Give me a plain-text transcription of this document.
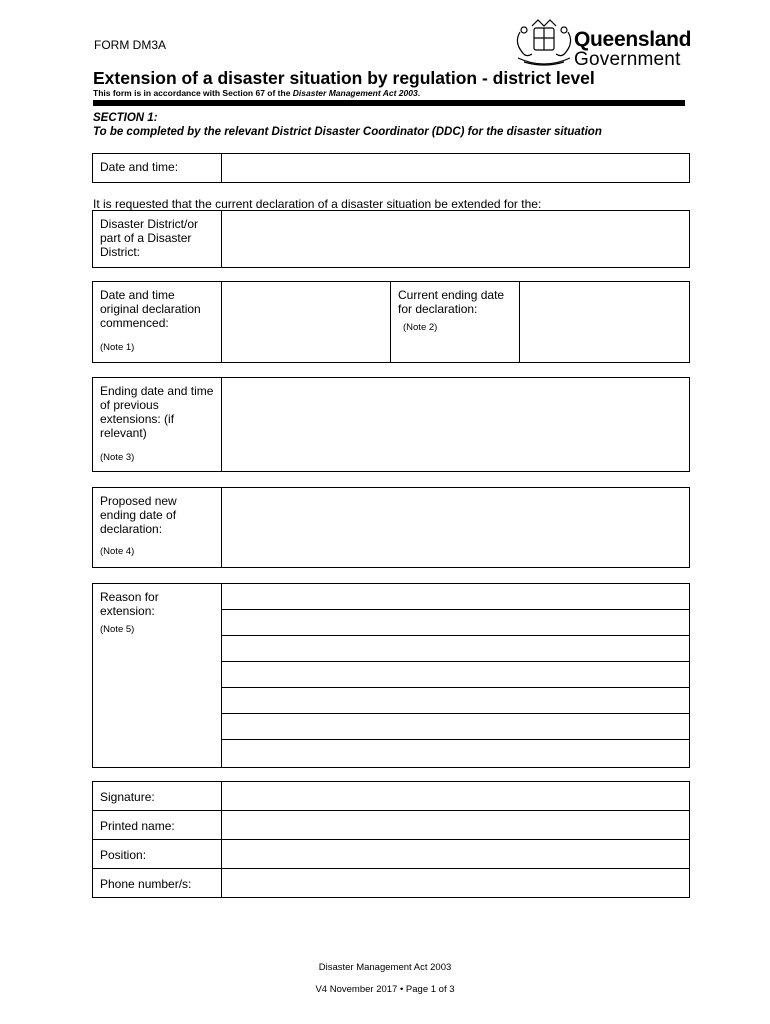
FORM DM3A	Queensland
Government
Extension of a disaster situation by regulation - district level
This form is in accordance with Section 67 of the Disaster Management Act 2003.
SECTION 1:
To be completed by the relevant District Disaster Coordinator (DDC) for the disaster situation
Date and time:

It is requested that the current declaration of a disaster situation be extended for the:
Disaster District/or part of a Disaster District:

Date and time original declaration commenced:
(Note 1)

Current ending date for declaration:
(Note 2)

Ending date and time of previous extensions: (if relevant)
(Note 3)

Proposed new ending date of declaration:
(Note 4)

Reason for extension:
(Note 5)

Signature:	

Printed name:	

Position:	

Phone number/s:	

Disaster Management Act 2003
V4 November 2017 • Page 1 of 3
